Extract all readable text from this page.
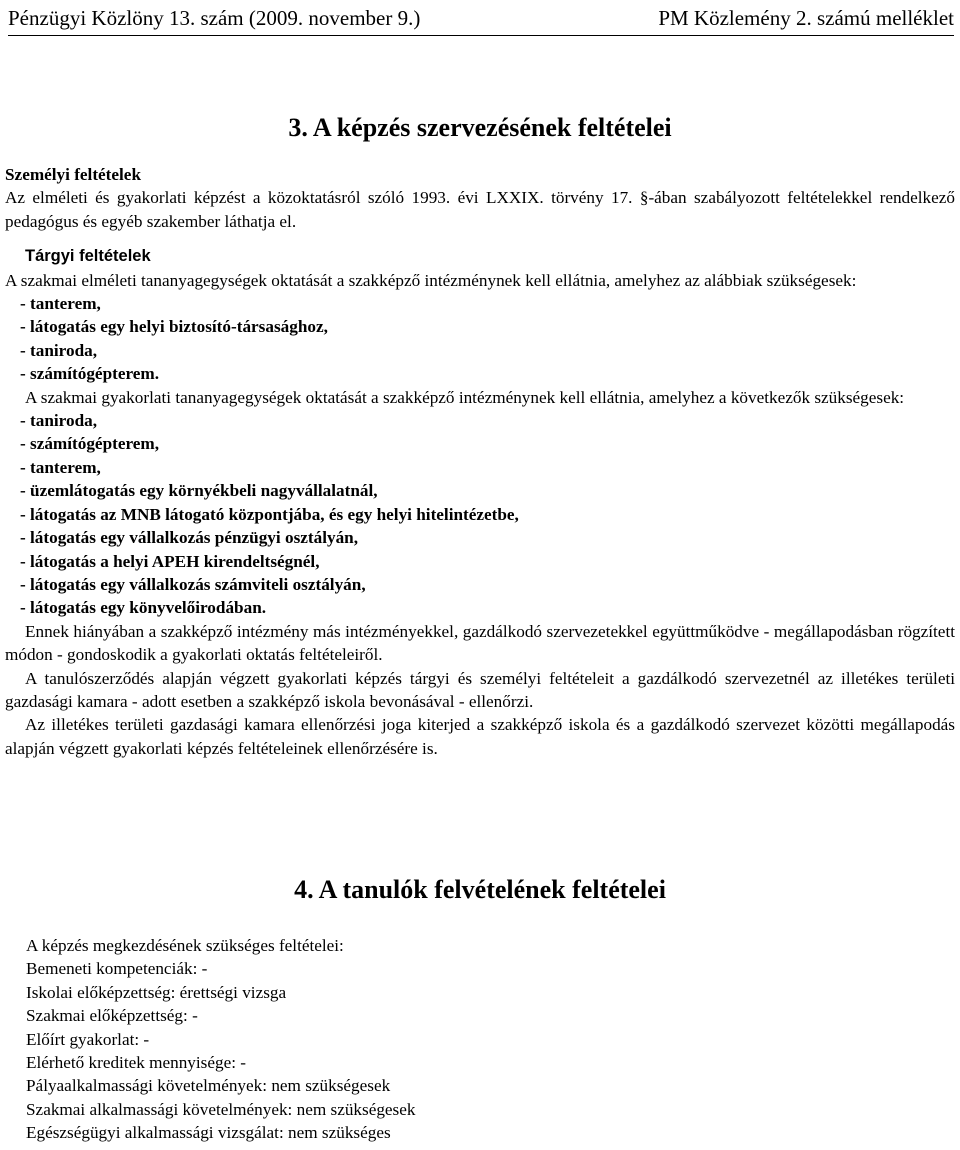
Pénzügyi Közlöny 13. szám (2009. november 9.)	PM Közlemény 2. számú melléklet
3. A képzés szervezésének feltételei

Személyi feltételek

Az elméleti és gyakorlati képzést a közoktatásról szóló 1993. évi LXXIX. törvény 17. §-ában szabályozott feltételekkel rendelkező pedagógus és egyéb szakember láthatja el.

Tárgyi feltételek

A szakmai elméleti tananyagegységek oktatását a szakképző intézménynek kell ellátnia, amelyhez az alábbiak szükségesek:

- tanterem,

- látogatás egy helyi biztosító-társasághoz,

- taniroda,

- számítógépterem.

A szakmai gyakorlati tananyagegységek oktatását a szakképző intézménynek kell ellátnia, amelyhez a következők szükségesek:

- taniroda,

- számítógépterem,

- tanterem,

- üzemlátogatás egy környékbeli nagyvállalatnál,

- látogatás az MNB látogató központjába, és egy helyi hitelintézetbe,

- látogatás egy vállalkozás pénzügyi osztályán,

- látogatás a helyi APEH kirendeltségnél,

- látogatás egy vállalkozás számviteli osztályán,

- látogatás egy könyvelőirodában.

Ennek hiányában a szakképző intézmény más intézményekkel, gazdálkodó szervezetekkel együttműködve - megállapodásban rögzített módon - gondoskodik a gyakorlati oktatás feltételeiről.

A tanulószerződés alapján végzett gyakorlati képzés tárgyi és személyi feltételeit a gazdálkodó szervezetnél az illetékes területi gazdasági kamara - adott esetben a szakképző iskola bevonásával - ellenőrzi.

Az illetékes területi gazdasági kamara ellenőrzési joga kiterjed a szakképző iskola és a gazdálkodó szervezet közötti megállapodás alapján végzett gyakorlati képzés feltételeinek ellenőrzésére is.

4. A tanulók felvételének feltételei

A képzés megkezdésének szükséges feltételei:

Bemeneti kompetenciák: -

Iskolai előképzettség: érettségi vizsga

Szakmai előképzettség: -

Előírt gyakorlat: -

Elérhető kreditek mennyisége: -

Pályaalkalmassági követelmények: nem szükségesek

Szakmai alkalmassági követelmények: nem szükségesek

Egészségügyi alkalmassági vizsgálat: nem szükséges
